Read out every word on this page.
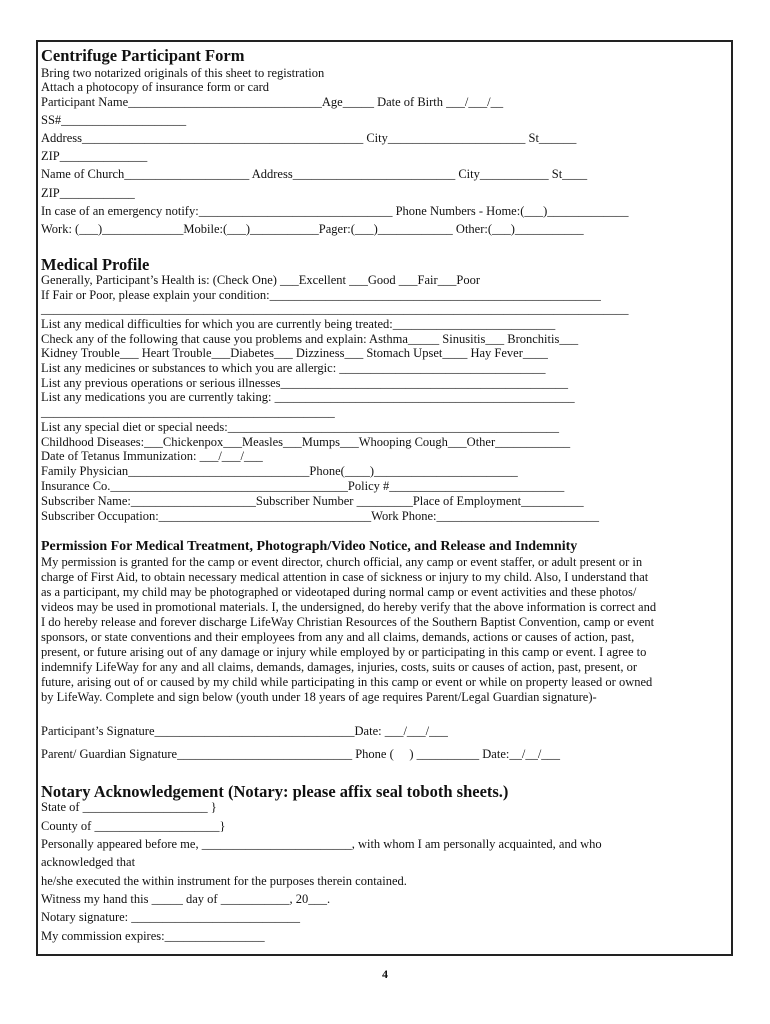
Centrifuge Participant Form
Bring two notarized originals of this sheet to registration
Attach a photocopy of insurance form or card
Participant Name_______________________________Age_____ Date of Birth ___/___/__
SS#____________________
Address_____________________________________________ City______________________ St______
ZIP______________
Name of Church____________________ Address__________________________ City___________ St____
ZIP____________
In case of an emergency notify:_______________________________ Phone Numbers - Home:(___)_____________
Work: (___)_____________Mobile:(___)___________Pager:(___)____________ Other:(___)___________
Medical Profile
Generally, Participant’s Health is: (Check One) ___Excellent ___Good ___Fair___Poor
If Fair or Poor, please explain your condition:_____________________________________________________
______________________________________________________________________________________________
List any medical difficulties for which you are currently being treated:__________________________
Check any of the following that cause you problems and explain: Asthma_____ Sinusitis___ Bronchitis___
Kidney Trouble___ Heart Trouble___Diabetes___ Dizziness___ Stomach Upset____ Hay Fever____
List any medicines or substances to which you are allergic: _________________________________
List any previous operations or serious illnesses______________________________________________
List any medications you are currently taking: ________________________________________________
_______________________________________________
List any special diet or special needs:_____________________________________________________
Childhood Diseases:___Chickenpox___Measles___Mumps___Whooping Cough___Other____________
Date of Tetanus Immunization: ___/___/___
Family Physician_____________________________Phone(____)_______________________
Insurance Co.______________________________________Policy #____________________________
Subscriber Name:____________________Subscriber Number _________Place of Employment__________
Subscriber Occupation:__________________________________Work Phone:__________________________
Permission For Medical Treatment, Photograph/Video Notice, and Release and Indemnity
My permission is granted for the camp or event director, church official, any camp or event staffer, or adult present or in
charge of First Aid, to obtain necessary medical attention in case of sickness or injury to my child. Also, I understand that
as a participant, my child may be photographed or videotaped during normal camp or event activities and these photos/
videos may be used in promotional materials. I, the undersigned, do hereby verify that the above information is correct and
I do hereby release and forever discharge LifeWay Christian Resources of the Southern Baptist Convention, camp or event
sponsors, or state conventions and their employees from any and all claims, demands, actions or causes of action, past,
present, or future arising out of any damage or injury while employed by or participating in this camp or event. I agree to
indemnify LifeWay for any and all claims, demands, damages, injuries, costs, suits or causes of action, past, present, or
future, arising out of or caused by my child while participating in this camp or event or while on property leased or owned
by LifeWay. Complete and sign below (youth under 18 years of age requires Parent/Legal Guardian signature)-
Participant’s Signature________________________________Date: ___/___/___
Parent/ Guardian Signature____________________________ Phone (     ) __________ Date:__/__/___
Notary Acknowledgement (Notary: please affix seal toboth sheets.)
State of ____________________ }
County of ____________________}
Personally appeared before me, ________________________, with whom I am personally acquainted, and who
acknowledged that
he/she executed the within instrument for the purposes therein contained.
Witness my hand this _____ day of ___________, 20___.
Notary signature: ___________________________
My commission expires:________________
4
